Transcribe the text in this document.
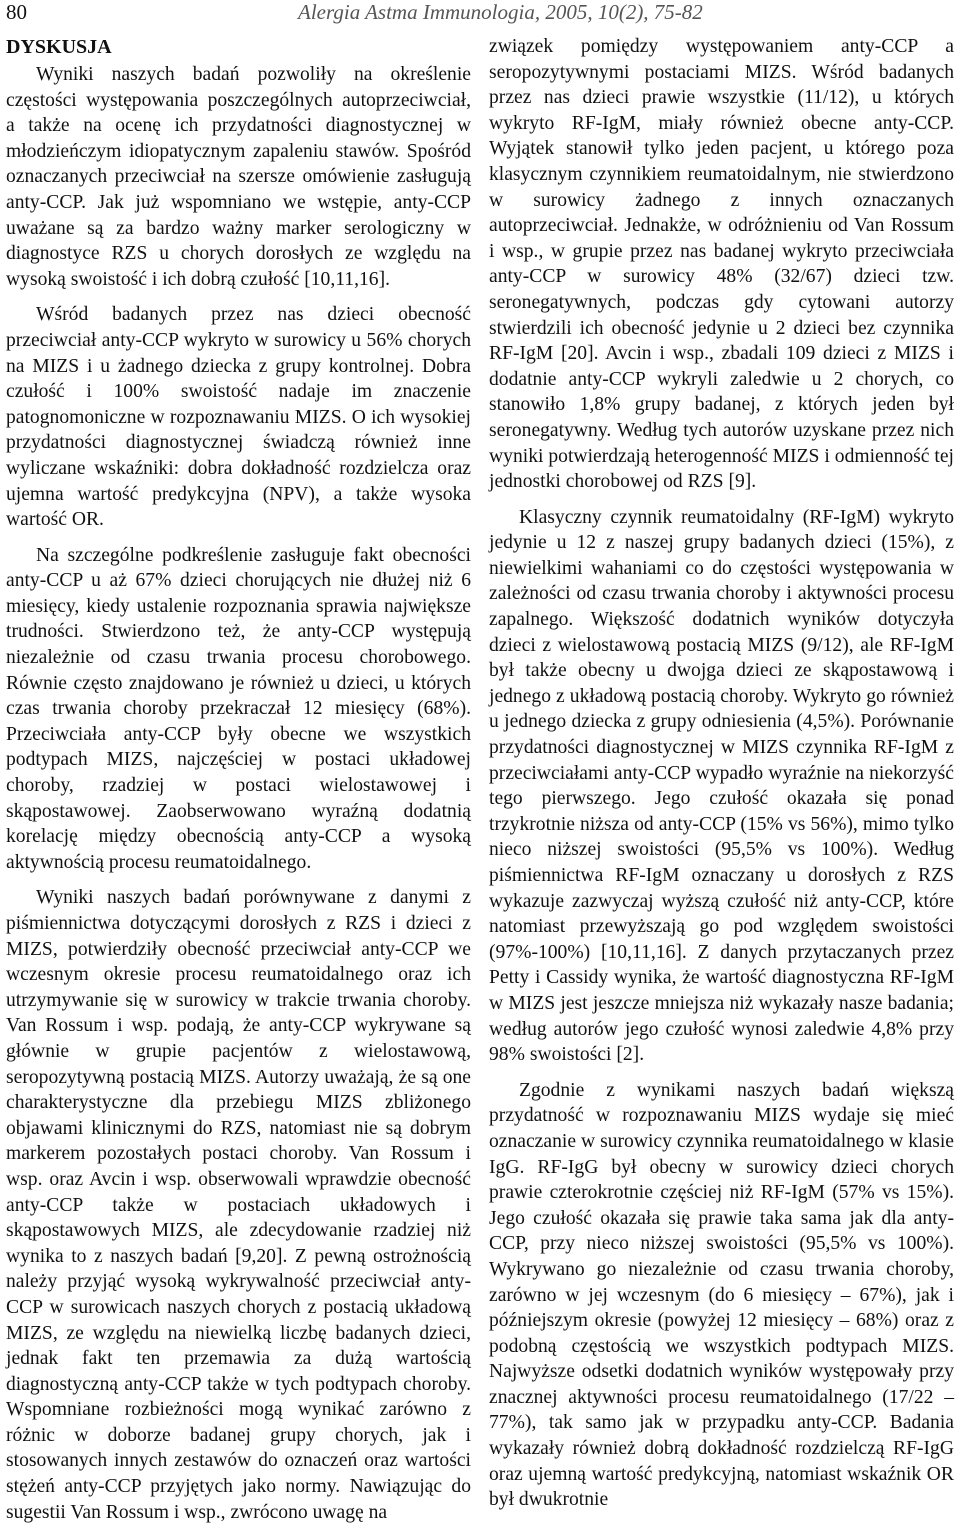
80	Alergia Astma Immunologia, 2005, 10(2), 75-82
DYSKUSJA

Wyniki naszych badań pozwoliły na określenie częstości występowania poszczególnych autoprzeciwciał, a także na ocenę ich przydatności diagnostycznej w młodzieńczym idiopatycznym zapaleniu stawów. Spośród oznaczanych przeciwciał na szersze omówienie zasługują anty-CCP. Jak już wspomniano we wstępie, anty-CCP uważane są za bardzo ważny marker serologiczny w diagnostyce RZS u chorych dorosłych ze względu na wysoką swoistość i ich dobrą czułość [10,11,16].

Wśród badanych przez nas dzieci obecność przeciwciał anty-CCP wykryto w surowicy u 56% chorych na MIZS i u żadnego dziecka z grupy kontrolnej. Dobra czułość i 100% swoistość nadaje im znaczenie patognomoniczne w rozpoznawaniu MIZS. O ich wysokiej przydatności diagnostycznej świadczą również inne wyliczane wskaźniki: dobra dokładność rozdzielcza oraz ujemna wartość predykcyjna (NPV), a także wysoka wartość OR.

Na szczególne podkreślenie zasługuje fakt obecności anty-CCP u aż 67% dzieci chorujących nie dłużej niż 6 miesięcy, kiedy ustalenie rozpoznania sprawia największe trudności. Stwierdzono też, że anty-CCP występują niezależnie od czasu trwania procesu chorobowego. Równie często znajdowano je również u dzieci, u których czas trwania choroby przekraczał 12 miesięcy (68%). Przeciwciała anty-CCP były obecne we wszystkich podtypach MIZS, najczęściej w postaci układowej choroby, rzadziej w postaci wielostawowej i skąpostawowej. Zaobserwowano wyraźną dodatnią korelację między obecnością anty-CCP a wysoką aktywnością procesu reumatoidalnego.

Wyniki naszych badań porównywane z danymi z piśmiennictwa dotyczącymi dorosłych z RZS i dzieci z MIZS, potwierdziły obecność przeciwciał anty-CCP we wczesnym okresie procesu reumatoidalnego oraz ich utrzymywanie się w surowicy w trakcie trwania choroby. Van Rossum i wsp. podają, że anty-CCP wykrywane są głównie w grupie pacjentów z wielostawową, seropozytywną postacią MIZS. Autorzy uważają, że są one charakterystyczne dla przebiegu MIZS zbliżonego objawami klinicznymi do RZS, natomiast nie są dobrym markerem pozostałych postaci choroby. Van Rossum i wsp. oraz Avcin i wsp. obserwowali wprawdzie obecność anty-CCP także w postaciach układowych i skąpostawowych MIZS, ale zdecydowanie rzadziej niż wynika to z naszych badań [9,20]. Z pewną ostrożnością należy przyjąć wysoką wykrywalność przeciwciał anty-CCP w surowicach naszych chorych z postacią układową MIZS, ze względu na niewielką liczbę badanych dzieci, jednak fakt ten przemawia za dużą wartością diagnostyczną anty-CCP także w tych podtypach choroby. Wspomniane rozbieżności mogą wynikać zarówno z różnic w doborze badanej grupy chorych, jak i stosowanych innych zestawów do oznaczeń oraz wartości stężeń anty-CCP przyjętych jako normy. Nawiązując do sugestii Van Rossum i wsp., zwrócono uwagę na

związek pomiędzy występowaniem anty-CCP a seropozytywnymi postaciami MIZS. Wśród badanych przez nas dzieci prawie wszystkie (11/12), u których wykryto RF-IgM, miały również obecne anty-CCP. Wyjątek stanowił tylko jeden pacjent, u którego poza klasycznym czynnikiem reumatoidalnym, nie stwierdzono w surowicy żadnego z innych oznaczanych autoprzeciwciał. Jednakże, w odróżnieniu od Van Rossum i wsp., w grupie przez nas badanej wykryto przeciwciała anty-CCP w surowicy 48% (32/67) dzieci tzw. seronegatywnych, podczas gdy cytowani autorzy stwierdzili ich obecność jedynie u 2 dzieci bez czynnika RF-IgM [20]. Avcin i wsp., zbadali 109 dzieci z MIZS i dodatnie anty-CCP wykryli zaledwie u 2 chorych, co stanowiło 1,8% grupy badanej, z których jeden był seronegatywny. Według tych autorów uzyskane przez nich wyniki potwierdzają heterogenność MIZS i odmienność tej jednostki chorobowej od RZS [9].

Klasyczny czynnik reumatoidalny (RF-IgM) wykryto jedynie u 12 z naszej grupy badanych dzieci (15%), z niewielkimi wahaniami co do częstości występowania w zależności od czasu trwania choroby i aktywności procesu zapalnego. Większość dodatnich wyników dotyczyła dzieci z wielostawową postacią MIZS (9/12), ale RF-IgM był także obecny u dwojga dzieci ze skąpostawową i jednego z układową postacią choroby. Wykryto go również u jednego dziecka z grupy odniesienia (4,5%). Porównanie przydatności diagnostycznej w MIZS czynnika RF-IgM z przeciwciałami anty-CCP wypadło wyraźnie na niekorzyść tego pierwszego. Jego czułość okazała się ponad trzykrotnie niższa od anty-CCP (15% vs 56%), mimo tylko nieco niższej swoistości (95,5% vs 100%). Według piśmiennictwa RF-IgM oznaczany u dorosłych z RZS wykazuje zazwyczaj wyższą czułość niż anty-CCP, które natomiast przewyższają go pod względem swoistości (97%-100%) [10,11,16]. Z danych przytaczanych przez Petty i Cassidy wynika, że wartość diagnostyczna RF-IgM w MIZS jest jeszcze mniejsza niż wykazały nasze badania; według autorów jego czułość wynosi zaledwie 4,8% przy 98% swoistości [2].

Zgodnie z wynikami naszych badań większą przydatność w rozpoznawaniu MIZS wydaje się mieć oznaczanie w surowicy czynnika reumatoidalnego w klasie IgG. RF-IgG był obecny w surowicy dzieci chorych prawie czterokrotnie częściej niż RF-IgM (57% vs 15%). Jego czułość okazała się prawie taka sama jak dla anty-CCP, przy nieco niższej swoistości (95,5% vs 100%). Wykrywano go niezależnie od czasu trwania choroby, zarówno w jej wczesnym (do 6 miesięcy – 67%), jak i późniejszym okresie (powyżej 12 miesięcy – 68%) oraz z podobną częstością we wszystkich podtypach MIZS. Najwyższe odsetki dodatnich wyników występowały przy znacznej aktywności procesu reumatoidalnego (17/22 –77%), tak samo jak w przypadku anty-CCP. Badania wykazały również dobrą dokładność rozdzielczą RF-IgG oraz ujemną wartość predykcyjną, natomiast wskaźnik OR był dwukrotnie
